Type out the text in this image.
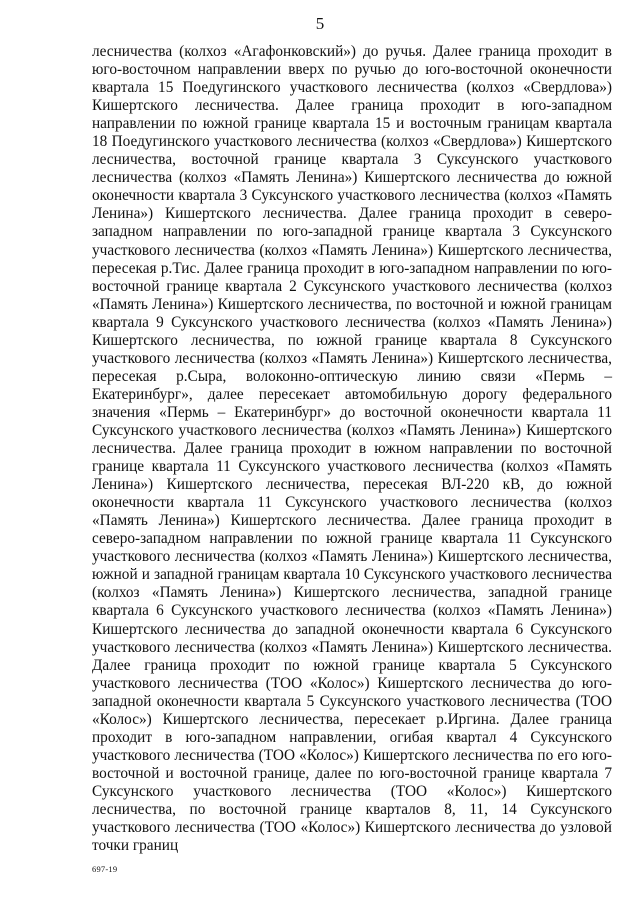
5

лесничества (колхоз «Агафонковский») до ручья. Далее граница проходит в юго-восточном направлении вверх по ручью до юго-восточной оконечности квартала 15 Поедугинского участкового лесничества (колхоз «Свердлова») Кишертского лесничества. Далее граница проходит в юго-западном направлении по южной границе квартала 15 и восточным границам квартала 18 Поедугинского участкового лесничества (колхоз «Свердлова») Кишертского лесничества, восточной границе квартала 3 Суксунского участкового лесничества (колхоз «Память Ленина») Кишертского лесничества до южной оконечности квартала 3 Суксунского участкового лесничества (колхоз «Память Ленина») Кишертского лесничества. Далее граница проходит в северо-западном направлении по юго-западной границе квартала 3 Суксунского участкового лесничества (колхоз «Память Ленина») Кишертского лесничества, пересекая р.Тис. Далее граница проходит в юго-западном направлении по юго-восточной границе квартала 2 Суксунского участкового лесничества (колхоз «Память Ленина») Кишертского лесничества, по восточной и южной границам квартала 9 Суксунского участкового лесничества (колхоз «Память Ленина») Кишертского лесничества, по южной границе квартала 8 Суксунского участкового лесничества (колхоз «Память Ленина») Кишертского лесничества, пересекая р.Сыра, волоконно-оптическую линию связи «Пермь – Екатеринбург», далее пересекает автомобильную дорогу федерального значения «Пермь – Екатеринбург» до восточной оконечности квартала 11 Суксунского участкового лесничества (колхоз «Память Ленина») Кишертского лесничества. Далее граница проходит в южном направлении по восточной границе квартала 11 Суксунского участкового лесничества (колхоз «Память Ленина») Кишертского лесничества, пересекая ВЛ-220 кВ, до южной оконечности квартала 11 Суксунского участкового лесничества (колхоз «Память Ленина») Кишертского лесничества. Далее граница проходит в северо-западном направлении по южной границе квартала 11 Суксунского участкового лесничества (колхоз «Память Ленина») Кишертского лесничества, южной и западной границам квартала 10 Суксунского участкового лесничества (колхоз «Память Ленина») Кишертского лесничества, западной границе квартала 6 Суксунского участкового лесничества (колхоз «Память Ленина») Кишертского лесничества до западной оконечности квартала 6 Суксунского участкового лесничества (колхоз «Память Ленина») Кишертского лесничества. Далее граница проходит по южной границе квартала 5 Суксунского участкового лесничества (ТОО «Колос») Кишертского лесничества до юго-западной оконечности квартала 5 Суксунского участкового лесничества (ТОО «Колос») Кишертского лесничества, пересекает р.Иргина. Далее граница проходит в юго-западном направлении, огибая квартал 4 Суксунского участкового лесничества (ТОО «Колос») Кишертского лесничества по его юго-восточной и восточной границе, далее по юго-восточной границе квартала 7 Суксунского участкового лесничества (ТОО «Колос») Кишертского лесничества, по восточной границе кварталов 8, 11, 14 Суксунского участкового лесничества (ТОО «Колос») Кишертского лесничества до узловой точки границ

697-19
